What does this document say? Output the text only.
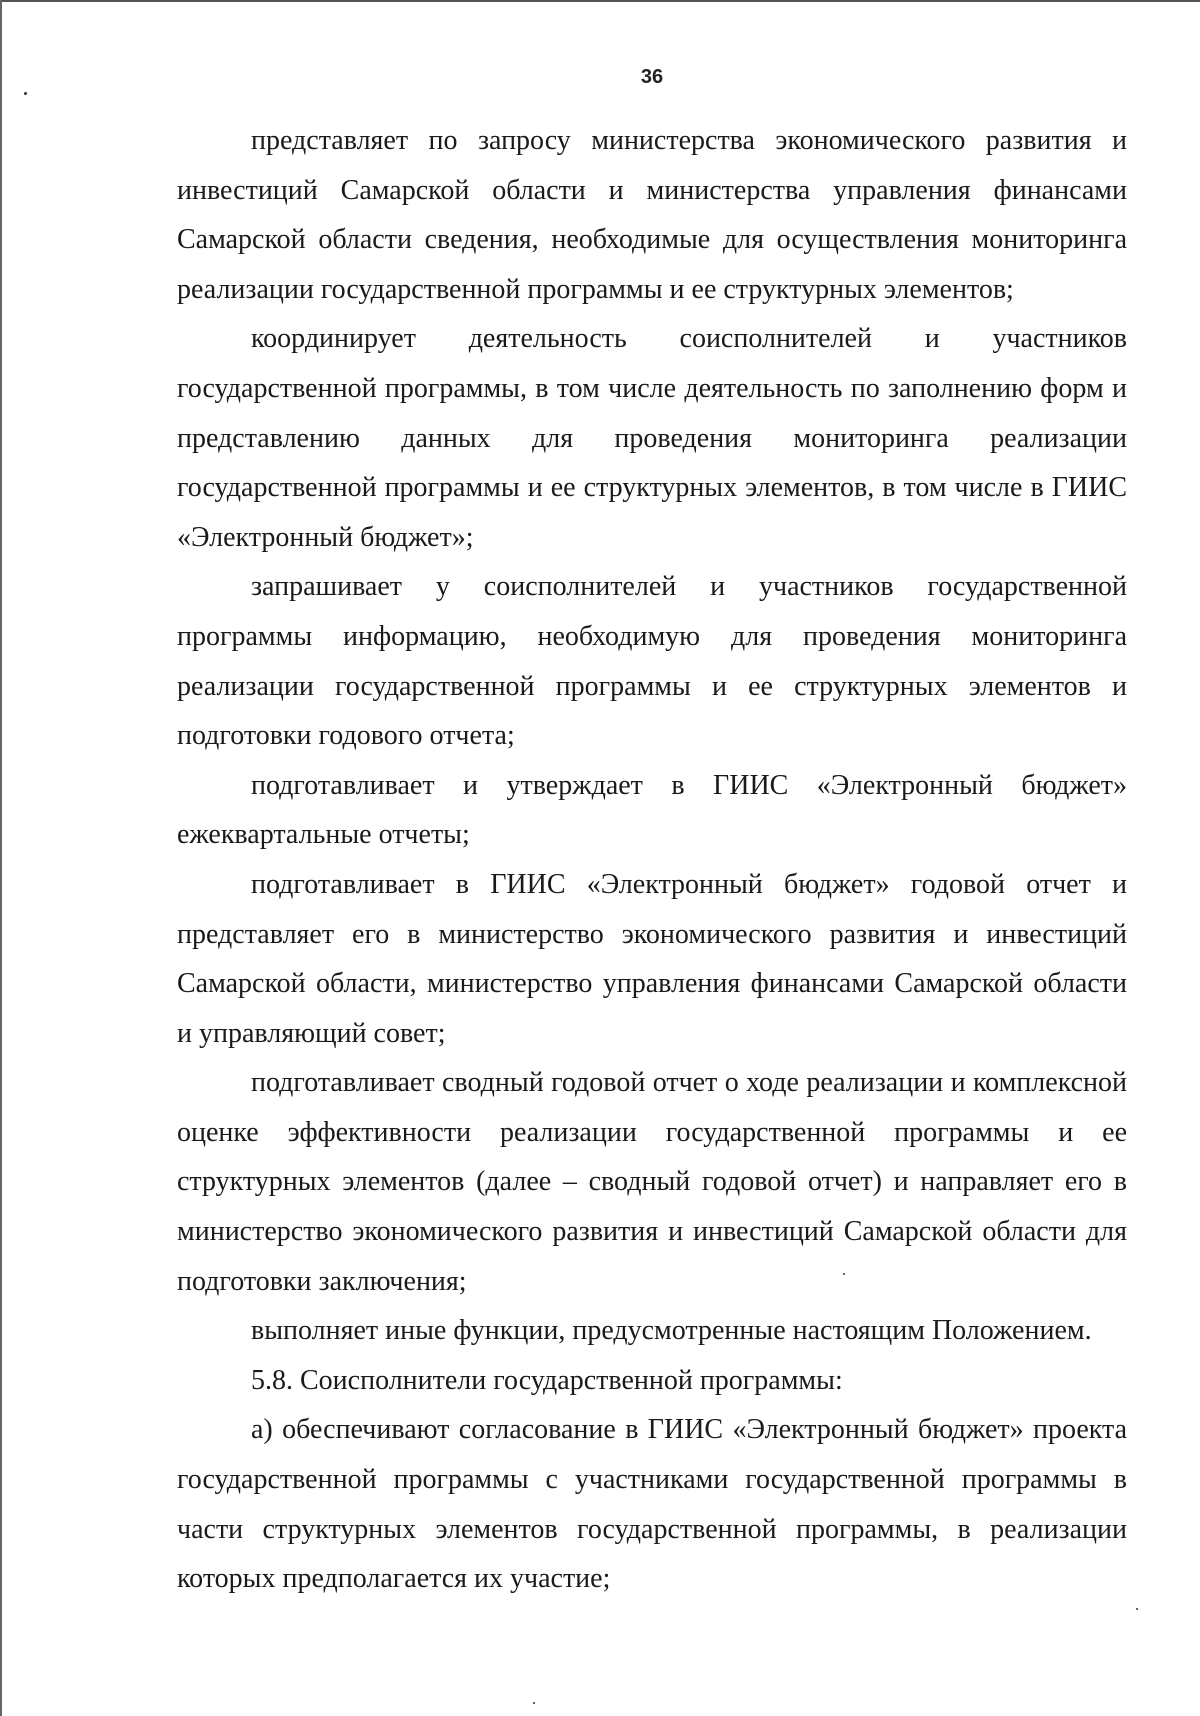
36

представляет по запросу министерства экономического развития и инвестиций Самарской области и министерства управления финансами Самарской области сведения, необходимые для осуществления мониторинга реализации государственной программы и ее структурных элементов;

координирует деятельность соисполнителей и участников государственной программы, в том числе деятельность по заполнению форм и представлению данных для проведения мониторинга реализации государственной программы и ее структурных элементов, в том числе в ГИИС «Электронный бюджет»;

запрашивает у соисполнителей и участников государственной программы информацию, необходимую для проведения мониторинга реализации государственной программы и ее структурных элементов и подготовки годового отчета;

подготавливает и утверждает в ГИИС «Электронный бюджет» ежеквартальные отчеты;

подготавливает в ГИИС «Электронный бюджет» годовой отчет и представляет его в министерство экономического развития и инвестиций Самарской области, министерство управления финансами Самарской области и управляющий совет;

подготавливает сводный годовой отчет о ходе реализации и комплексной оценке эффективности реализации государственной программы и ее структурных элементов (далее – сводный годовой отчет) и направляет его в министерство экономического развития и инвестиций Самарской области для подготовки заключения;

выполняет иные функции, предусмотренные настоящим Положением.

5.8. Соисполнители государственной программы:

а) обеспечивают согласование в ГИИС «Электронный бюджет» проекта государственной программы с участниками государственной программы в части структурных элементов государственной программы, в реализации которых предполагается их участие;
